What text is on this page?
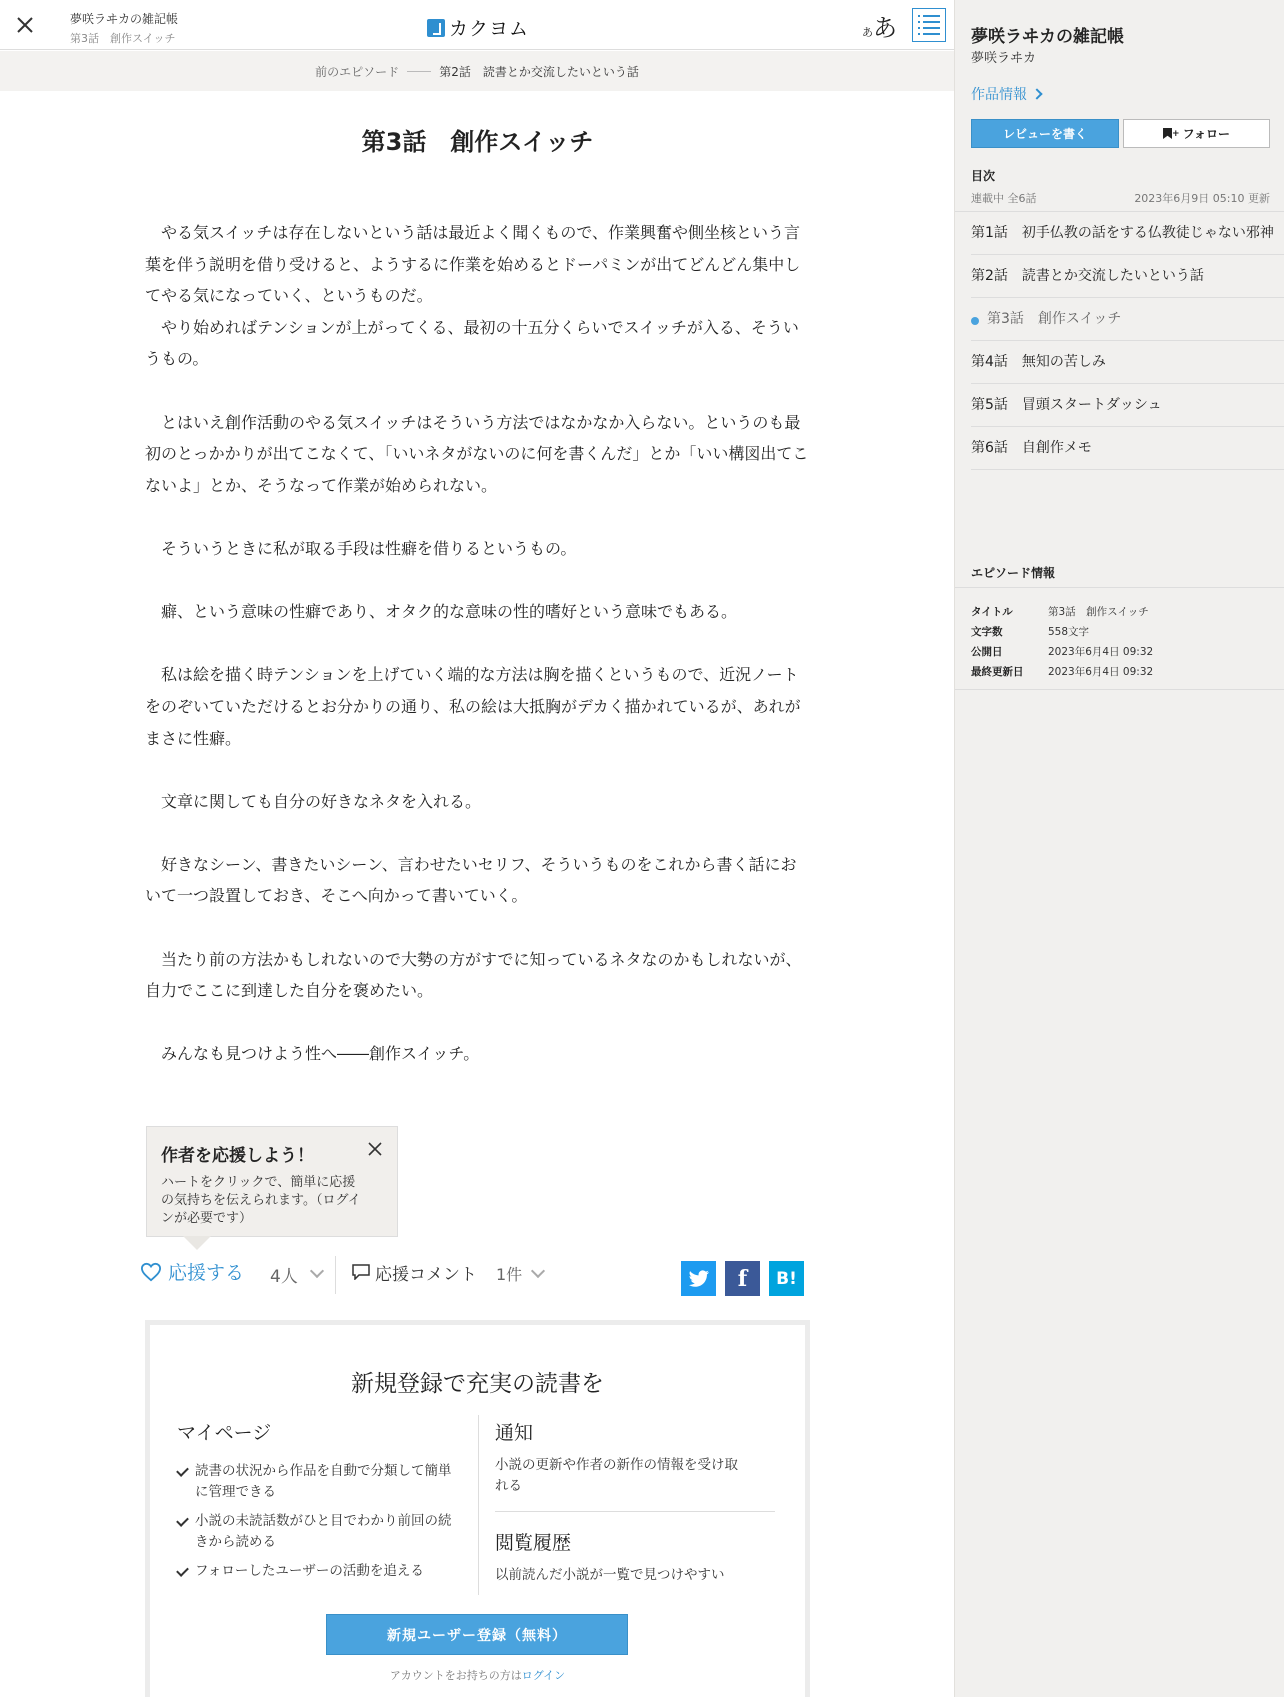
夢咲ラヰカの雑記帳
第3話　創作スイッチ	カクヨム	ああ
前のエピソード	第2話　読書とか交流したいという話
第3話　創作スイッチ

　やる気スイッチは存在しないという話は最近よく聞くもので、作業興奮や側坐核という言葉を伴う説明を借り受けると、ようするに作業を始めるとドーパミンが出てどんどん集中してやる気になっていく、というものだ。
　やり始めればテンションが上がってくる、最初の十五分くらいでスイッチが入る、そういうもの。

　とはいえ創作活動のやる気スイッチはそういう方法ではなかなか入らない。というのも最初のとっかかりが出てこなくて、「いいネタがないのに何を書くんだ」とか「いい構図出てこないよ」とか、そうなって作業が始められない。

　そういうときに私が取る手段は性癖を借りるというもの。

　癖、という意味の性癖であり、オタク的な意味の性的嗜好という意味でもある。

　私は絵を描く時テンションを上げていく端的な方法は胸を描くというもので、近況ノートをのぞいていただけるとお分かりの通り、私の絵は大抵胸がデカく描かれているが、あれがまさに性癖。

　文章に関しても自分の好きなネタを入れる。

　好きなシーン、書きたいシーン、言わせたいセリフ、そういうものをこれから書く話において一つ設置しておき、そこへ向かって書いていく。

　当たり前の方法かもしれないので大勢の方がすでに知っているネタなのかもしれないが、自力でここに到達した自分を褒めたい。

　みんなも見つけよう性へ――創作スイッチ。

作者を応援しよう！
ハートをクリックで、簡単に応援の気持ちを伝えられます。（ログインが必要です）
応援する 4人	応援コメント 1件	f B!
新規登録で充実の読書を
マイページ
読書の状況から作品を自動で分類して簡単に管理できる
小説の未読話数がひと目でわかり前回の続きから読める
フォローしたユーザーの活動を追える
通知
小説の更新や作者の新作の情報を受け取れる
閲覧履歴
以前読んだ小説が一覧で見つけやすい
新規ユーザー登録（無料）
アカウントをお持ちの方はログイン
夢咲ラヰカの雑記帳
夢咲ラヰカ
作品情報
レビューを書く	+ フォロー
目次
連載中 全6話	2023年6月9日 05:10 更新
第1話　初手仏教の話をする仏教徒じゃない邪神
第2話　読書とか交流したいという話
第3話　創作スイッチ
第4話　無知の苦しみ
第5話　冒頭スタートダッシュ
第6話　自創作メモ
エピソード情報
タイトル	第3話　創作スイッチ
文字数	558文字
公開日	2023年6月4日 09:32
最終更新日	2023年6月4日 09:32
